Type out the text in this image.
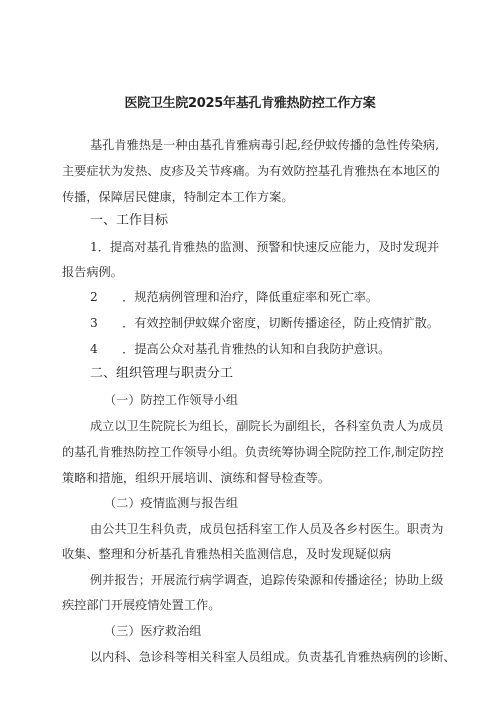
医院卫生院2025年基孔肯雅热防控工作方案
基孔肯雅热是一种由基孔肯雅病毒引起,经伊蚊传播的急性传染病,
主要症状为发热、皮疹及关节疼痛。为有效防控基孔肯雅热在本地区的
传播，保障居民健康，特制定本工作方案。
一、工作目标
1．提高对基孔肯雅热的监测、预警和快速反应能力，及时发现并
报告病例。
2　　．规范病例管理和治疗，降低重症率和死亡率。
3　　．有效控制伊蚊媒介密度，切断传播途径，防止疫情扩散。
4　　．提高公众对基孔肯雅热的认知和自我防护意识。
二、组织管理与职责分工
（一）防控工作领导小组
成立以卫生院院长为组长，副院长为副组长，各科室负责人为成员
的基孔肯雅热防控工作领导小组。负责统筹协调全院防控工作,制定防控
策略和措施，组织开展培训、演练和督导检查等。
（二）疫情监测与报告组
由公共卫生科负责，成员包括科室工作人员及各乡村医生。职责为
收集、整理和分析基孔肯雅热相关监测信息，及时发现疑似病
例并报告；开展流行病学调查，追踪传染源和传播途径；协助上级
疾控部门开展疫情处置工作。
（三）医疗救治组
以内科、急诊科等相关科室人员组成。负责基孔肯雅热病例的诊断、
